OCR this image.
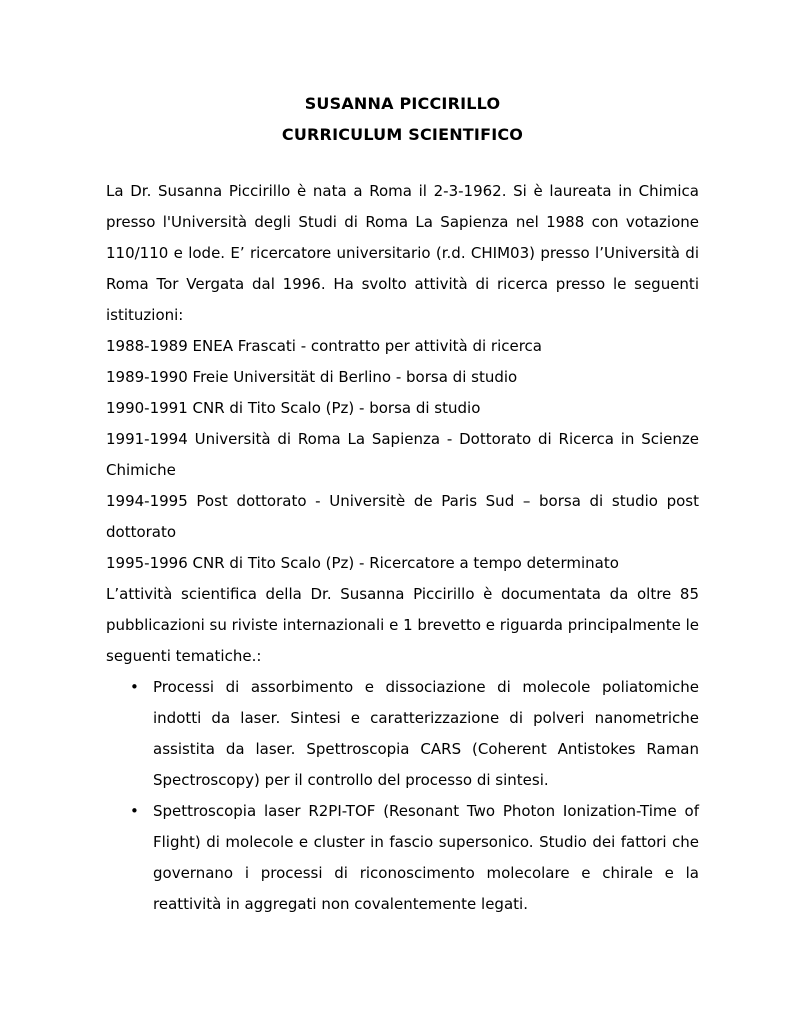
SUSANNA PICCIRILLO

CURRICULUM SCIENTIFICO

La Dr. Susanna Piccirillo è nata a Roma il 2-3-1962. Si è laureata in Chimica presso l'Università degli Studi di Roma La Sapienza nel 1988 con votazione 110/110 e lode. E’ ricercatore universitario (r.d. CHIM03) presso l’Università di Roma Tor Vergata dal 1996. Ha svolto attività di ricerca presso le seguenti istituzioni:

1988-1989 ENEA Frascati - contratto per attività di ricerca

1989-1990 Freie Universität di Berlino - borsa di studio

1990-1991 CNR di Tito Scalo (Pz) - borsa di studio

1991-1994 Università di Roma La Sapienza - Dottorato di Ricerca in Scienze Chimiche

1994-1995 Post dottorato - Universitè de Paris Sud – borsa di studio post dottorato

1995-1996 CNR di Tito Scalo (Pz) - Ricercatore a tempo determinato

L’attività scientifica della Dr. Susanna Piccirillo è documentata da oltre 85 pubblicazioni su riviste internazionali e 1 brevetto e riguarda principalmente le seguenti tematiche.:

• Processi di assorbimento e dissociazione di molecole poliatomiche indotti da laser. Sintesi e caratterizzazione di polveri nanometriche assistita da laser. Spettroscopia CARS (Coherent Antistokes Raman Spectroscopy) per il controllo del processo di sintesi.
• Spettroscopia laser R2PI-TOF (Resonant Two Photon Ionization-Time of Flight) di molecole e cluster in fascio supersonico. Studio dei fattori che governano i processi di riconoscimento molecolare e chirale e la reattività in aggregati non covalentemente legati.
